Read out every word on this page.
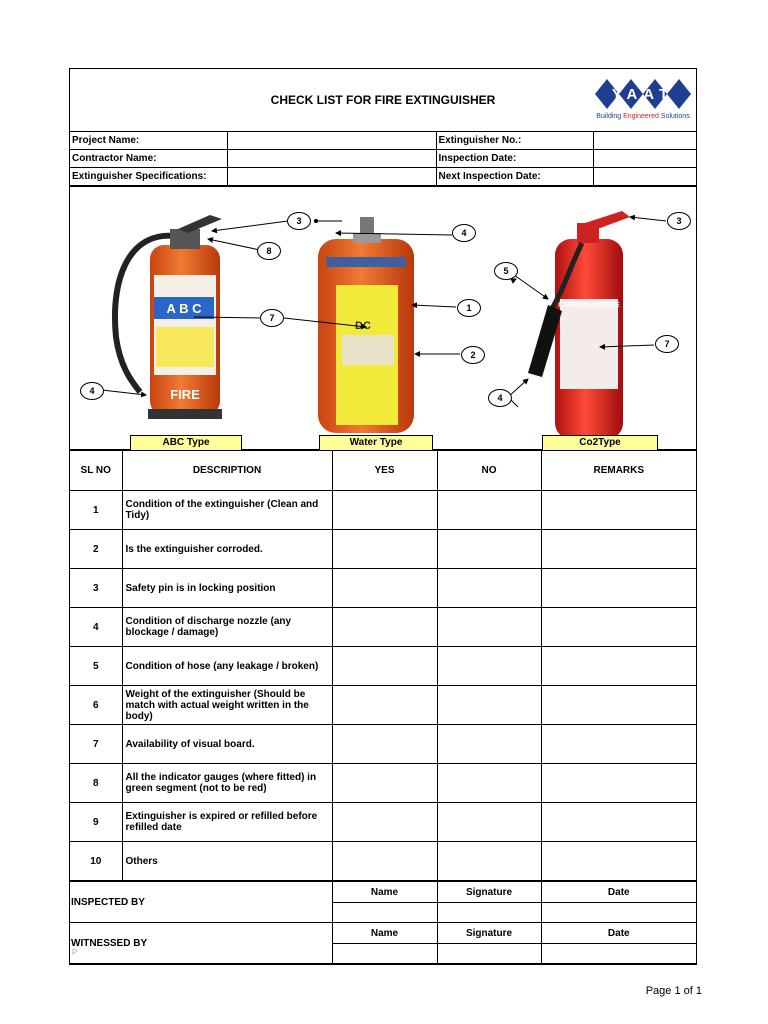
CHECK LIST FOR FIRE EXTINGUISHER	YAAT
Building Engineered Solutions
Project Name:		Extinguisher No.:	
Contractor Name:		Inspection Date:	
Extinguisher Specifications:		Next Inspection Date:	
A B C
FIRE
DC
CARBON DIOXIDE
3
8
7
4
4
1
2
5
7
4
3
ABC Type	Water Type	Co2Type
SL NO	DESCRIPTION	YES	NO	REMARKS
1	Condition of the extinguisher (Clean and Tidy)			
2	Is the extinguisher corroded.			
3	Safety pin is in locking position			
4	Condition of discharge nozzle (any blockage / damage)			
5	Condition of hose (any leakage / broken)			
6	Weight of the extinguisher (Should be match with actual weight written in the body)			
7	Availability of visual board.			
8	All the indicator gauges (where fitted) in green segment (not to be red)			
9	Extinguisher is expired or refilled before refilled date			
10	Others			
INSPECTED BY	Name	Signature	Date

WITNESSED BY	Name	Signature	Date

P
Page 1 of 1
